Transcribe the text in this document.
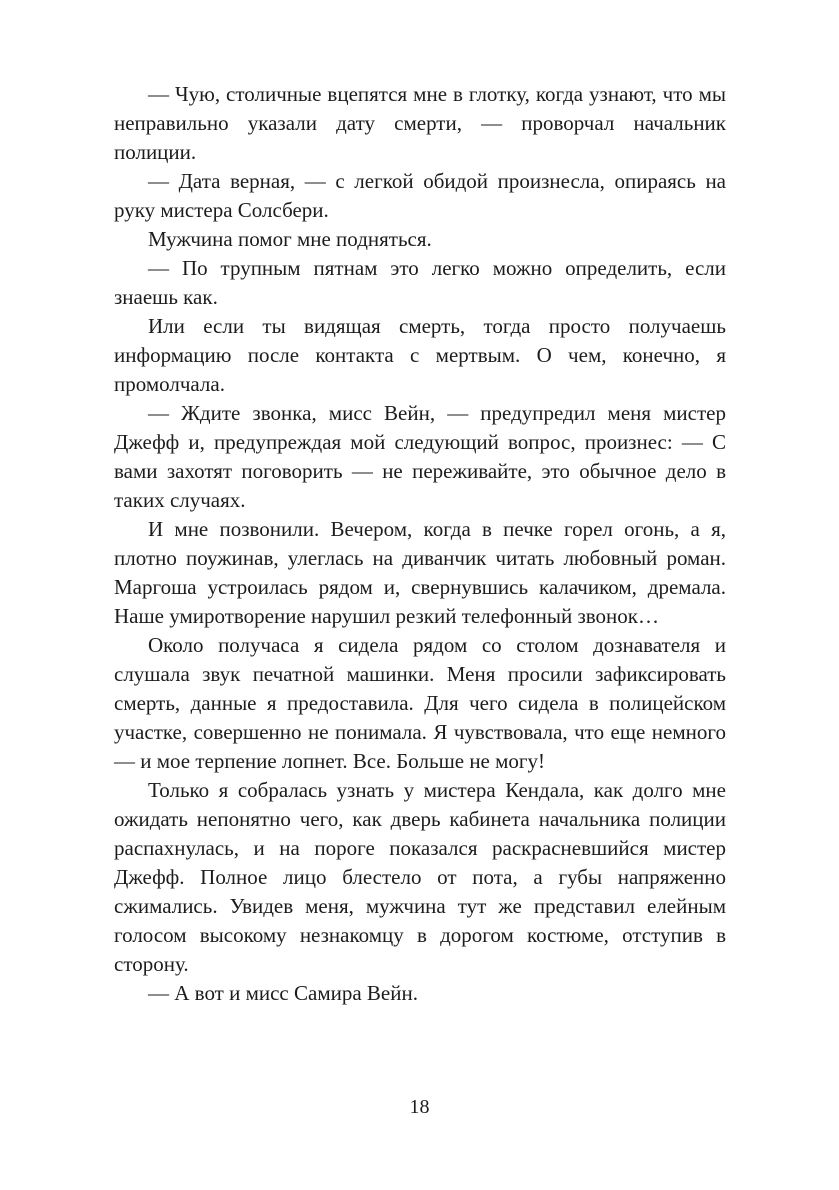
— Чую, столичные вцепятся мне в глотку, когда узнают, что мы неправильно указали дату смерти, — проворчал начальник полиции.

— Дата верная, — с легкой обидой произнесла, опираясь на руку мистера Солсбери.

Мужчина помог мне подняться.

— По трупным пятнам это легко можно определить, если знаешь как.

Или если ты видящая смерть, тогда просто получаешь информацию после контакта с мертвым. О чем, конечно, я промолчала.

— Ждите звонка, мисс Вейн, — предупредил меня мистер Джефф и, предупреждая мой следующий вопрос, произнес: — С вами захотят поговорить — не переживайте, это обычное дело в таких случаях.

И мне позвонили. Вечером, когда в печке горел огонь, а я, плотно поужинав, улеглась на диванчик читать любовный роман. Маргоша устроилась рядом и, свернувшись калачиком, дремала. Наше умиротворение нарушил резкий телефонный звонок…

Около получаса я сидела рядом со столом дознавателя и слушала звук печатной машинки. Меня просили зафиксировать смерть, данные я предоставила. Для чего сидела в полицейском участке, совершенно не понимала. Я чувствовала, что еще немного — и мое терпение лопнет. Все. Больше не могу!

Только я собралась узнать у мистера Кендала, как долго мне ожидать непонятно чего, как дверь кабинета начальника полиции распахнулась, и на пороге показался раскрасневшийся мистер Джефф. Полное лицо блестело от пота, а губы напряженно сжимались. Увидев меня, мужчина тут же представил елейным голосом высокому незнакомцу в дорогом костюме, отступив в сторону.

— А вот и мисс Самира Вейн.

18
